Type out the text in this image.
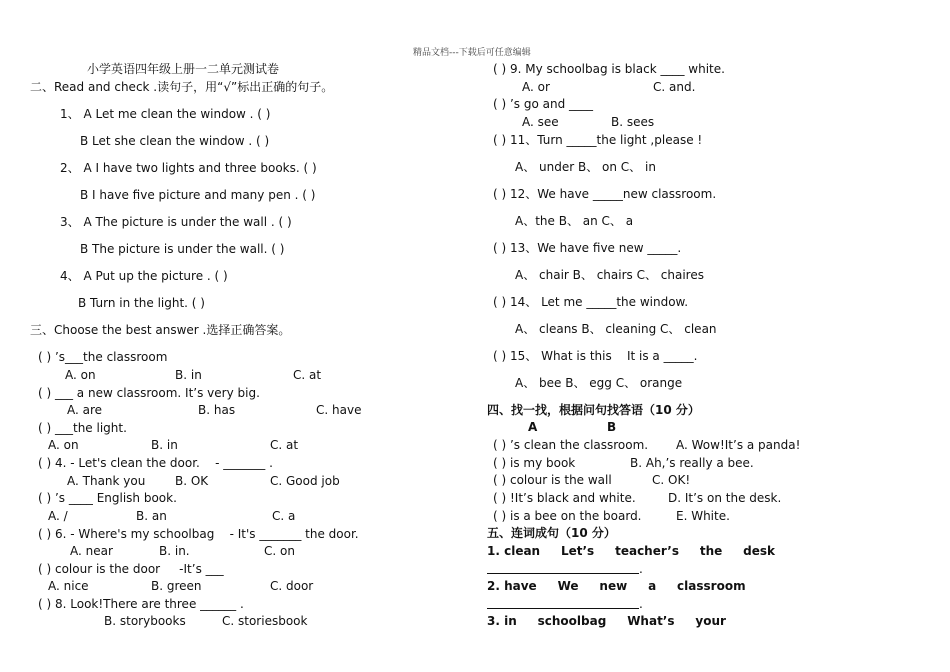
精品文档---下载后可任意编辑
小学英语四年级上册一二单元测试卷
二、Read and check .读句子，用“√”标出正确的句子。
1、 A Let me clean the window . ( )
B Let she clean the window . ( )
2、 A I have two lights and three books. ( )
B I have five picture and many pen . ( )
3、 A The picture is under the wall . ( )
B The picture is under the wall. ( )
4、 A Put up the picture . ( )
B Turn in the light. ( )
三、Choose the best answer .选择正确答案。
( ) ’s___the classroom
A. on	B. in	C. at
( ) ___ a new classroom. It’s very big.
A. are	B. has	C. have
( ) ___the light.
A. on	B. in	C. at
( ) 4. - Let's clean the door.    - _______ .
A. Thank you B. OK	C. Good job
( ) ’s ____ English book.
A. /	B. an	C. a
( ) 6. - Where's my schoolbag    - It's _______ the door.
A. near	B. in.	C. on
( ) colour is the door     -It’s ___
A. nice	B. green	C. door
( ) 8. Look!There are three ______ .
B. storybooks	C. storiesbook
( ) 9. My schoolbag is black ____ white.
A. or	C. and.
( ) ’s go and ____
A. see	B. sees
( ) 11、Turn _____the light ,please !
A、 under B、 on C、 in
( ) 12、We have _____new classroom.
A、the B、 an C、 a
( ) 13、We have five new _____.
A、 chair B、 chairs C、 chaires
( ) 14、 Let me _____the window.
A、 cleans B、 cleaning C、 clean
( ) 15、 What is this    It is a _____.
A、 bee B、 egg C、 orange
四、找一找，根据问句找答语（10 分）
A	B
( ) ’s clean the classroom. A. Wow!It’s a panda!
( ) is my book	B. Ah,’s really a bee.
( ) colour is the wall	C. OK!
( ) !It’s black and white.	D. It’s on the desk.
( ) is a bee on the board.	E. White.
五、连词成句（10 分）
1. clean     Let’s     teacher’s     the     desk
.
2. have     We     new     a     classroom
.
3. in     schoolbag     What’s     your
